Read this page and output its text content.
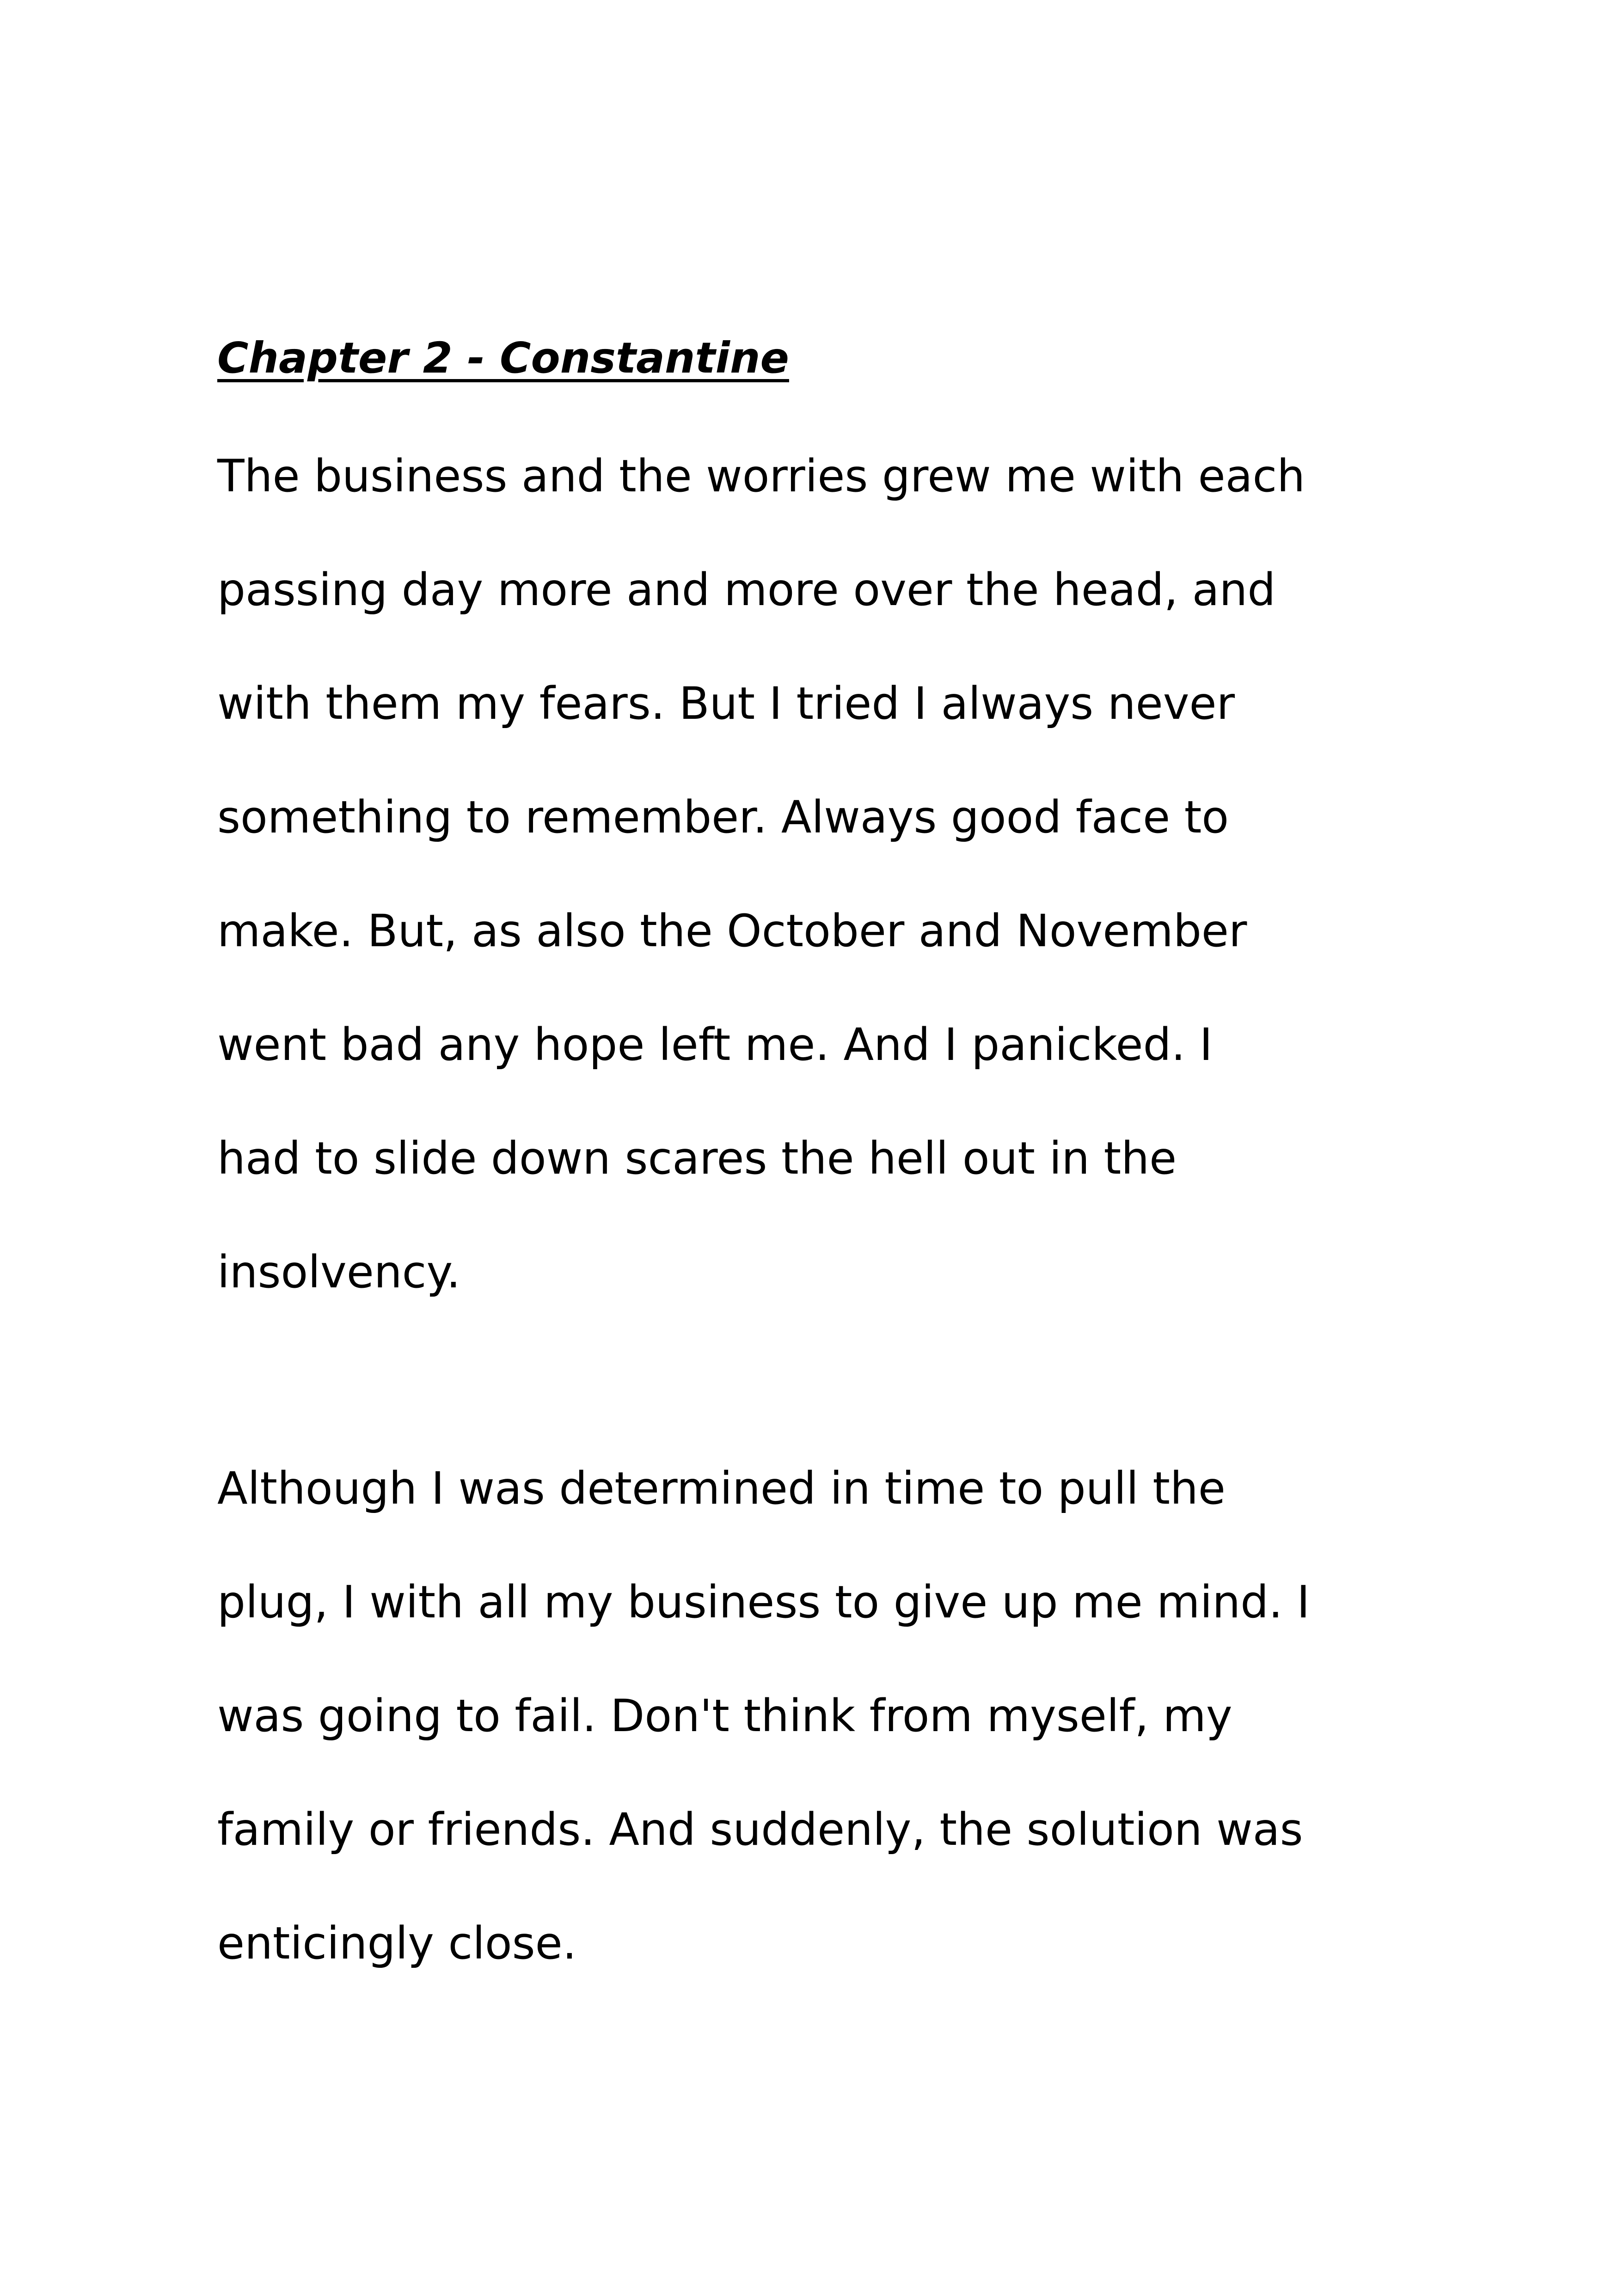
Chapter 2 - Constantine
The business and the worries grew me with each
passing day more and more over the head, and
with them my fears. But I tried I always never
something to remember. Always good face to
make. But, as also the October and November
went bad any hope left me. And I panicked. I
had to slide down scares the hell out in the
insolvency.
Although I was determined in time to pull the
plug, I with all my business to give up me mind. I
was going to fail. Don't think from myself, my
family or friends. And suddenly, the solution was
enticingly close.
